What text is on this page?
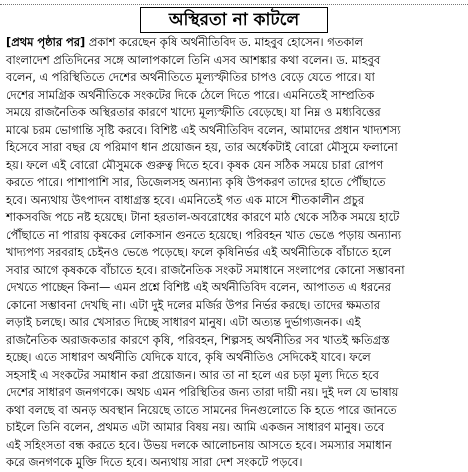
অস্থিরতা না কাটলে
[প্রথম পৃষ্ঠার পর] প্রকাশ করেছেন কৃষি অর্থনীতিবিদ ড. মাহবুব হোসেন। গতকাল
বাংলাদেশ প্রতিদিনের সঙ্গে আলাপকালে তিনি এসব আশঙ্কার কথা বলেন। ড. মাহবুব
বলেন, এ পরিস্থিতিতে দেশের অর্থনীতিতে মূল্যস্ফীতির চাপও বেড়ে যেতে পারে। যা
দেশের সামগ্রিক অর্থনীতিকে সংকটের দিকে ঠেলে দিতে পারে। এমনিতেই সাম্প্রতিক
সময়ে রাজনৈতিক অস্থিরতার কারণে খাদ্যে মূল্যস্ফীতি বেড়েছে। যা নিম্ন ও মধ্যবিত্তের
মাঝে চরম ভোগান্তি সৃষ্টি করবে। বিশিষ্ট এই অর্থনীতিবিদ বলেন, আমাদের প্রধান খাদ্যশস্য
হিসেবে সারা বছর যে পরিমাণ ধান প্রয়োজন হয়, তার অর্ধেকটাই বোরো মৌসুমে ফলানো
হয়। ফলে এই বোরো মৌসুমকে গুরুত্ব দিতে হবে। কৃষক যেন সঠিক সময়ে চারা রোপণ
করতে পারে। পাশাপাশি সার, ডিজেলসহ অন্যান্য কৃষি উপকরণ তাদের হাতে পৌঁছাতে
হবে। অন্যথায় উৎপাদন বাধাগ্রস্ত হবে। এমনিতেই গত এক মাসে শীতকালীন প্রচুর
শাকসবজি পচে নষ্ট হয়েছে। টানা হরতাল-অবরোধের কারণে মাঠ থেকে সঠিক সময়ে হাটে
পৌঁছাতে না পারায় কৃষকের লোকসান গুনতে হয়েছে। পরিবহন খাত ভেঙে পড়ায় অন্যান্য
খাদ্যপণ্য সরবরাহ চেইনও ভেঙে পড়েছে। ফলে কৃষিনির্ভর এই অর্থনীতিকে বাঁচাতে হলে
সবার আগে কৃষককে বাঁচাতে হবে। রাজনৈতিক সংকট সমাধানে সংলাপের কোনো সম্ভাবনা
দেখতে পাচ্ছেন কিনা— এমন প্রশ্নে বিশিষ্ট এই অর্থনীতিবিদ বলেন, আপাতত এ ধরনের
কোনো সম্ভাবনা দেখছি না। এটা দুই দলের মর্জির উপর নির্ভর করছে। তাদের ক্ষমতার
লড়াই চলছে। আর খেসারত দিচ্ছে সাধারণ মানুষ। এটা অত্যন্ত দুর্ভাগ্যজনক। এই
রাজনৈতিক অরাজকতার কারণে কৃষি, পরিবহন, শিল্পসহ অর্থনীতির সব খাতই ক্ষতিগ্রস্ত
হচ্ছে। এতে সাধারণ অর্থনীতি যেদিকে যাবে, কৃষি অর্থনীতিও সেদিকেই যাবে। ফলে
সহসাই এ সংকটের সমাধান করা প্রয়োজন। আর তা না হলে এর চড়া মূল্য দিতে হবে
দেশের সাধারণ জনগণকে। অথচ এমন পরিস্থিতির জন্য তারা দায়ী নয়। দুই দল যে ভাষায়
কথা বলছে বা অনড় অবস্থান নিয়েছে তাতে সামনের দিনগুলোতে কি হতে পারে জানতে
চাইলে তিনি বলেন, প্রথমত এটা আমার বিষয় নয়। আমি একজন সাধারণ মানুষ। তবে
এই সহিংসতা বন্ধ করতে হবে। উভয় দলকে আলোচনায় আসতে হবে। সমস্যার সমাধান
করে জনগণকে মুক্তি দিতে হবে। অন্যথায় সারা দেশ সংকটে পড়বে।
